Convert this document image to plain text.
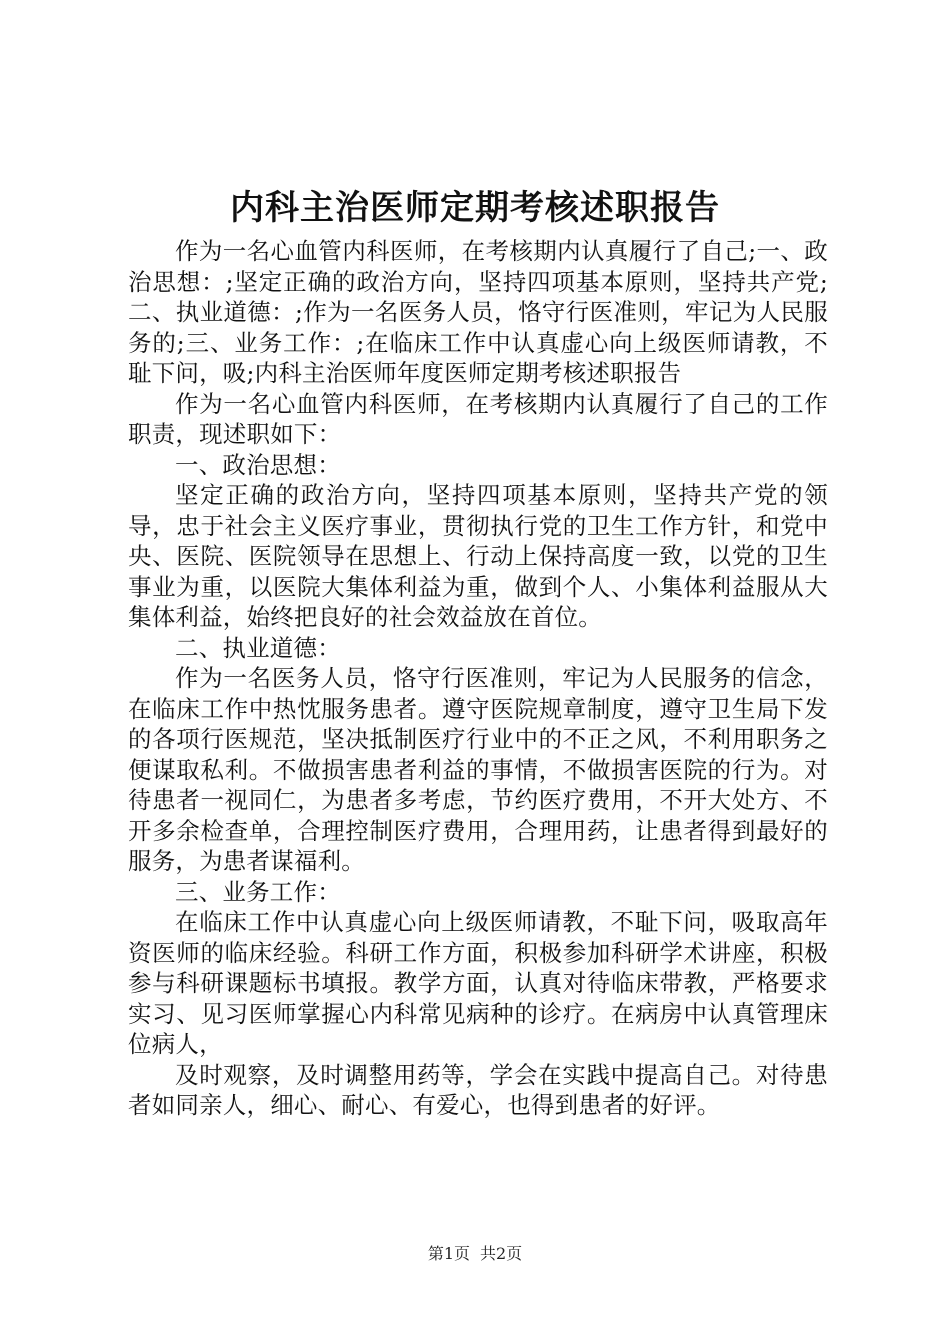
内科主治医师定期考核述职报告

作为一名心血管内科医师，在考核期内认真履行了自己;一、政治思想：;坚定正确的政治方向，坚持四项基本原则，坚持共产党;二、执业道德：;作为一名医务人员，恪守行医准则，牢记为人民服务的;三、业务工作：;在临床工作中认真虚心向上级医师请教，不耻下问，吸;内科主治医师年度医师定期考核述职报告

作为一名心血管内科医师，在考核期内认真履行了自己的工作职责，现述职如下：

一、政治思想：

坚定正确的政治方向，坚持四项基本原则，坚持共产党的领导，忠于社会主义医疗事业，贯彻执行党的卫生工作方针，和党中央、医院、医院领导在思想上、行动上保持高度一致，以党的卫生事业为重，以医院大集体利益为重，做到个人、小集体利益服从大集体利益，始终把良好的社会效益放在首位。

二、执业道德：

作为一名医务人员，恪守行医准则，牢记为人民服务的信念，在临床工作中热忱服务患者。遵守医院规章制度，遵守卫生局下发的各项行医规范，坚决抵制医疗行业中的不正之风，不利用职务之便谋取私利。不做损害患者利益的事情，不做损害医院的行为。对待患者一视同仁，为患者多考虑，节约医疗费用，不开大处方、不开多余检查单，合理控制医疗费用，合理用药，让患者得到最好的服务，为患者谋福利。

三、业务工作：

在临床工作中认真虚心向上级医师请教，不耻下问，吸取高年资医师的临床经验。科研工作方面，积极参加科研学术讲座，积极参与科研课题标书填报。教学方面，认真对待临床带教，严格要求实习、见习医师掌握心内科常见病种的诊疗。在病房中认真管理床位病人，

及时观察，及时调整用药等，学会在实践中提高自己。对待患者如同亲人，细心、耐心、有爱心，也得到患者的好评。

第1页 共2页
